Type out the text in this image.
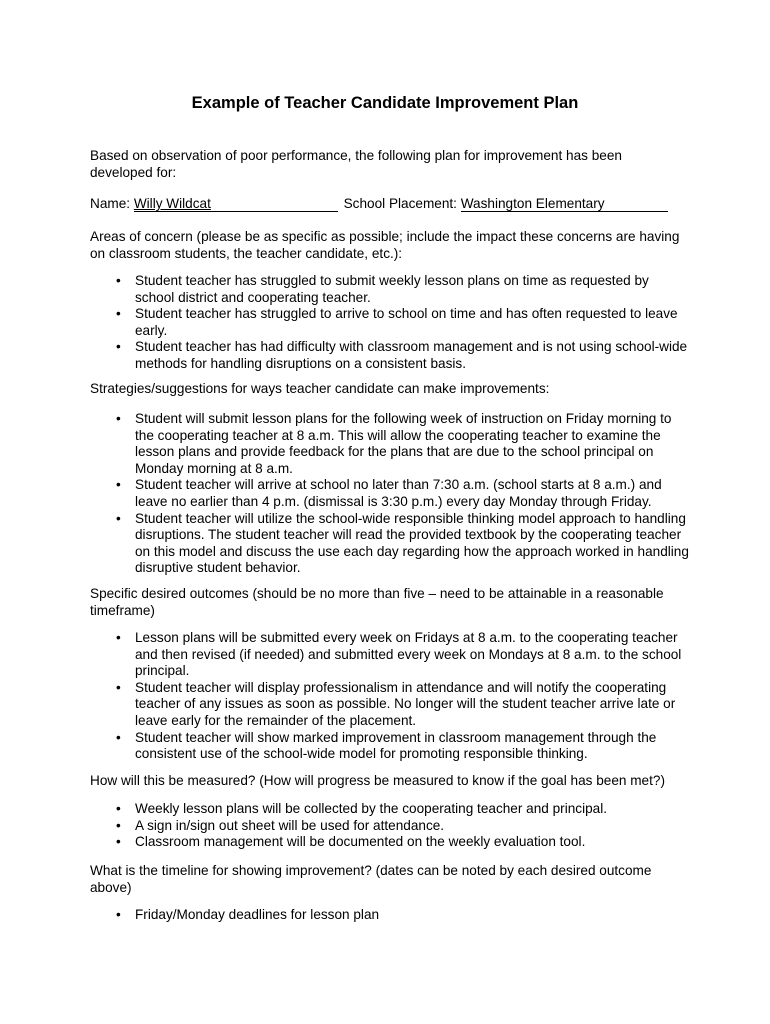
Example of Teacher Candidate Improvement Plan

Based on observation of poor performance, the following plan for improvement has been developed for:

Name: Willy Wildcat	School Placement: Washington Elementary

Areas of concern (please be as specific as possible; include the impact these concerns are having on classroom students, the teacher candidate, etc.):

• Student teacher has struggled to submit weekly lesson plans on time as requested by school district and cooperating teacher.
• Student teacher has struggled to arrive to school on time and has often requested to leave early.
• Student teacher has had difficulty with classroom management and is not using school-wide methods for handling disruptions on a consistent basis.

Strategies/suggestions for ways teacher candidate can make improvements:

• Student will submit lesson plans for the following week of instruction on Friday morning to the cooperating teacher at 8 a.m. This will allow the cooperating teacher to examine the lesson plans and provide feedback for the plans that are due to the school principal on Monday morning at 8 a.m.
• Student teacher will arrive at school no later than 7:30 a.m. (school starts at 8 a.m.) and leave no earlier than 4 p.m. (dismissal is 3:30 p.m.) every day Monday through Friday.
• Student teacher will utilize the school-wide responsible thinking model approach to handling disruptions. The student teacher will read the provided textbook by the cooperating teacher on this model and discuss the use each day regarding how the approach worked in handling disruptive student behavior.

Specific desired outcomes (should be no more than five – need to be attainable in a reasonable timeframe)

• Lesson plans will be submitted every week on Fridays at 8 a.m. to the cooperating teacher and then revised (if needed) and submitted every week on Mondays at 8 a.m. to the school principal.
• Student teacher will display professionalism in attendance and will notify the cooperating teacher of any issues as soon as possible. No longer will the student teacher arrive late or leave early for the remainder of the placement.
• Student teacher will show marked improvement in classroom management through the consistent use of the school-wide model for promoting responsible thinking.

How will this be measured? (How will progress be measured to know if the goal has been met?)

• Weekly lesson plans will be collected by the cooperating teacher and principal.
• A sign in/sign out sheet will be used for attendance.
• Classroom management will be documented on the weekly evaluation tool.

What is the timeline for showing improvement? (dates can be noted by each desired outcome above)

• Friday/Monday deadlines for lesson plan
